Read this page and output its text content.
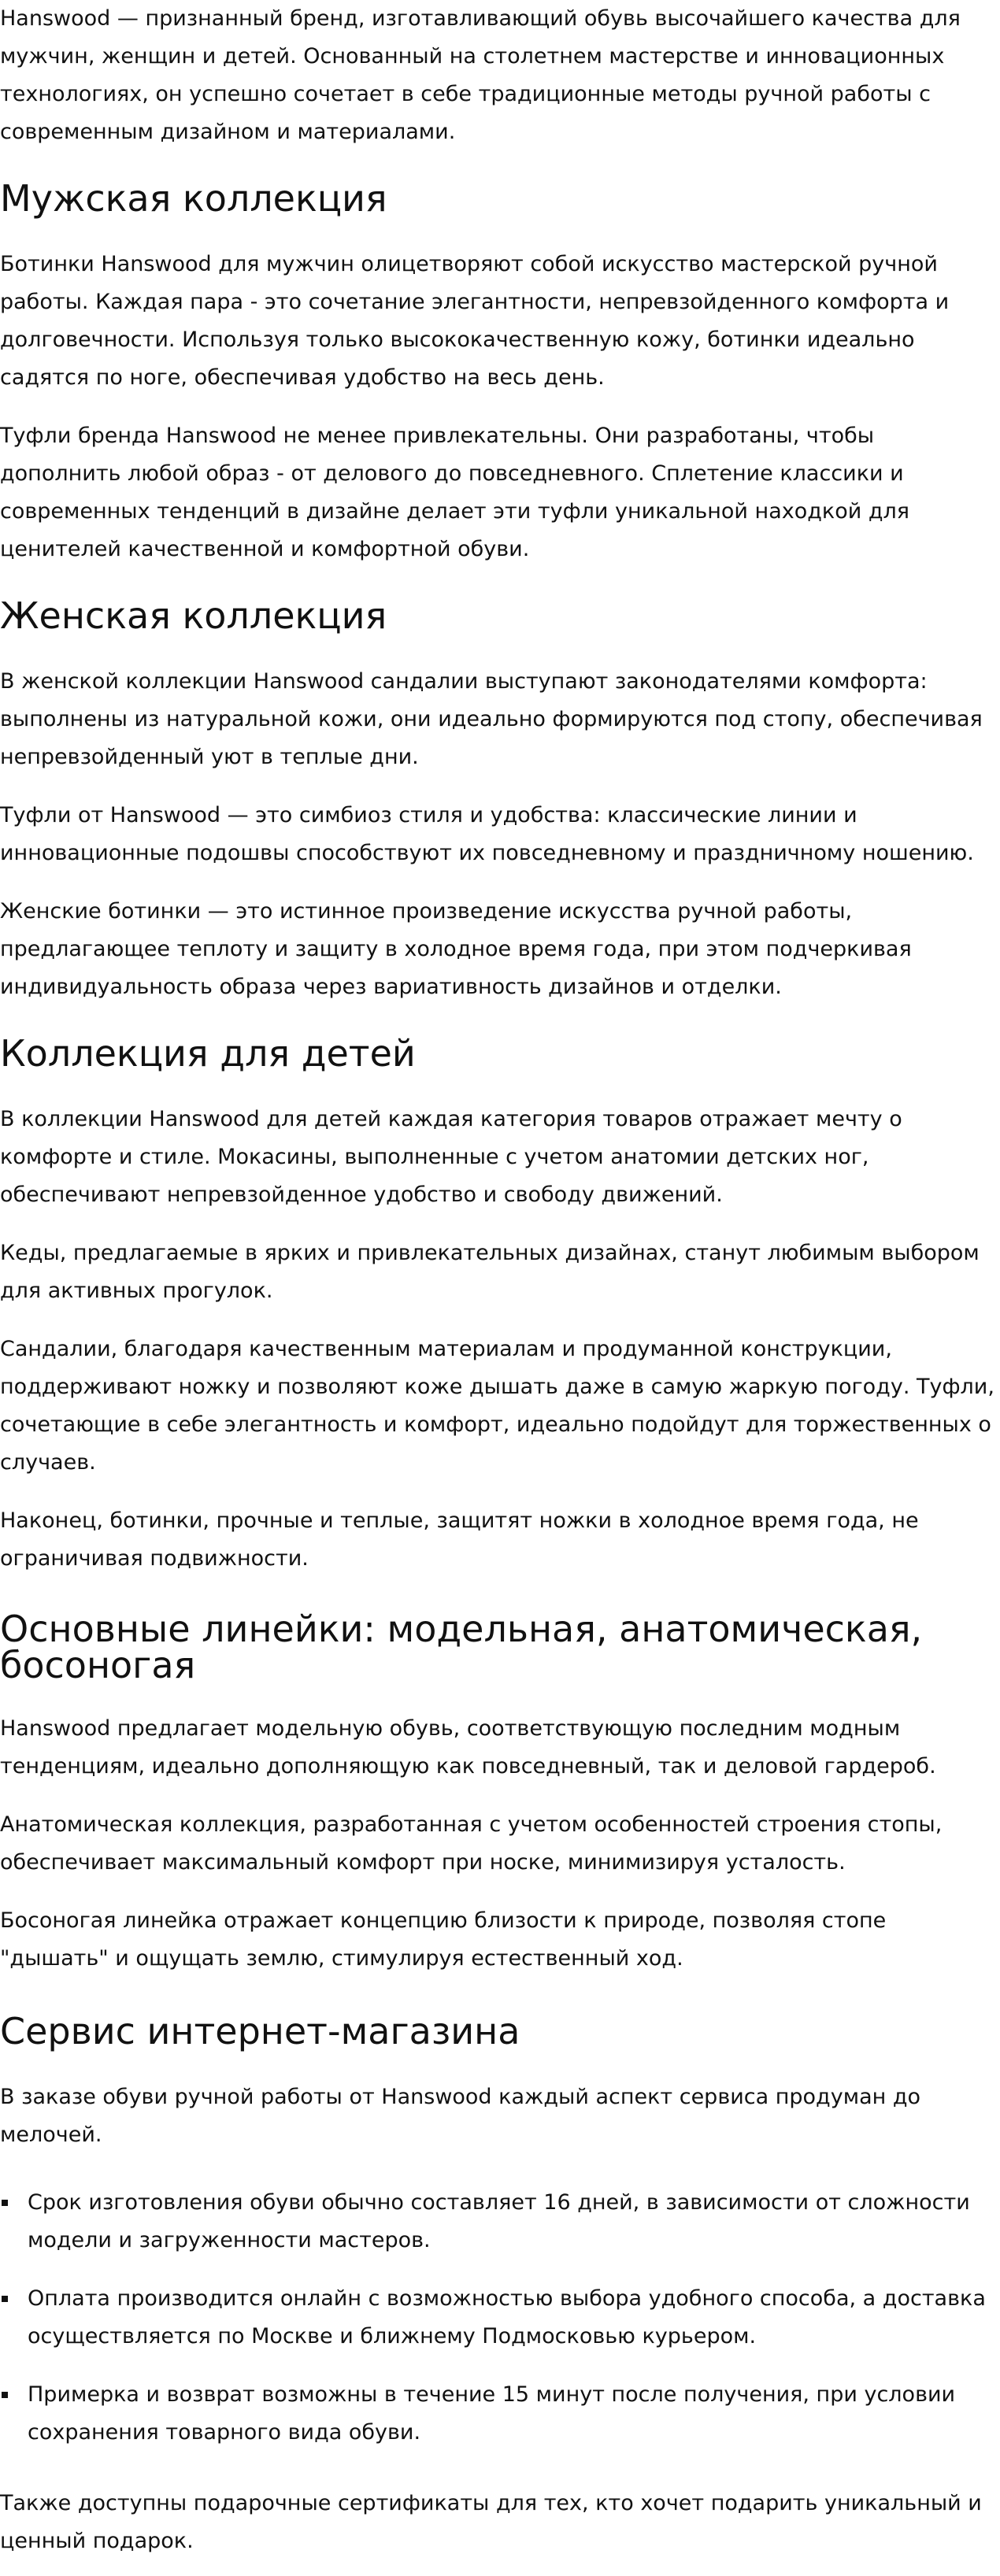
Hanswood — признанный бренд, изготавливающий обувь высочайшего качества для мужчин, женщин и детей. Основанный на столетнем мастерстве и инновационных технологиях, он успешно сочетает в себе традиционные методы ручной работы с современным дизайном и материалами.

Мужская коллекция

Ботинки Hanswood для мужчин олицетворяют собой искусство мастерской ручной работы. Каждая пара - это сочетание элегантности, непревзойденного комфорта и долговечности. Используя только высококачественную кожу, ботинки идеально садятся по ноге, обеспечивая удобство на весь день.

Туфли бренда Hanswood не менее привлекательны. Они разработаны, чтобы дополнить любой образ - от делового до повседневного. Сплетение классики и современных тенденций в дизайне делает эти туфли уникальной находкой для ценителей качественной и комфортной обуви.

Женская коллекция

В женской коллекции Hanswood сандалии выступают законодателями комфорта: выполнены из натуральной кожи, они идеально формируются под стопу, обеспечивая непревзойденный уют в теплые дни.

Туфли от Hanswood — это симбиоз стиля и удобства: классические линии и инновационные подошвы способствуют их повседневному и праздничному ношению.

Женские ботинки — это истинное произведение искусства ручной работы, предлагающее теплоту и защиту в холодное время года, при этом подчеркивая индивидуальность образа через вариативность дизайнов и отделки.

Коллекция для детей

В коллекции Hanswood для детей каждая категория товаров отражает мечту о комфорте и стиле. Мокасины, выполненные с учетом анатомии детских ног, обеспечивают непревзойденное удобство и свободу движений.

Кеды, предлагаемые в ярких и привлекательных дизайнах, станут любимым выбором для активных прогулок.

Сандалии, благодаря качественным материалам и продуманной конструкции, поддерживают ножку и позволяют коже дышать даже в самую жаркую погоду. Туфли, сочетающие в себе элегантность и комфорт, идеально подойдут для торжественных о случаев.

Наконец, ботинки, прочные и теплые, защитят ножки в холодное время года, не ограничивая подвижности.

Основные линейки: модельная, анатомическая, босоногая

Hanswood предлагает модельную обувь, соответствующую последним модным тенденциям, идеально дополняющую как повседневный, так и деловой гардероб.

Анатомическая коллекция, разработанная с учетом особенностей строения стопы, обеспечивает максимальный комфорт при носке, минимизируя усталость.

Босоногая линейка отражает концепцию близости к природе, позволяя стопе "дышать" и ощущать землю, стимулируя естественный ход.

Сервис интернет-магазина

В заказе обуви ручной работы от Hanswood каждый аспект сервиса продуман до мелочей.

Срок изготовления обуви обычно составляет 16 дней, в зависимости от сложности модели и загруженности мастеров.
Оплата производится онлайн с возможностью выбора удобного способа, а доставка осуществляется по Москве и ближнему Подмосковью курьером.
Примерка и возврат возможны в течение 15 минут после получения, при условии сохранения товарного вида обуви.

Также доступны подарочные сертификаты для тех, кто хочет подарить уникальный и ценный подарок.
